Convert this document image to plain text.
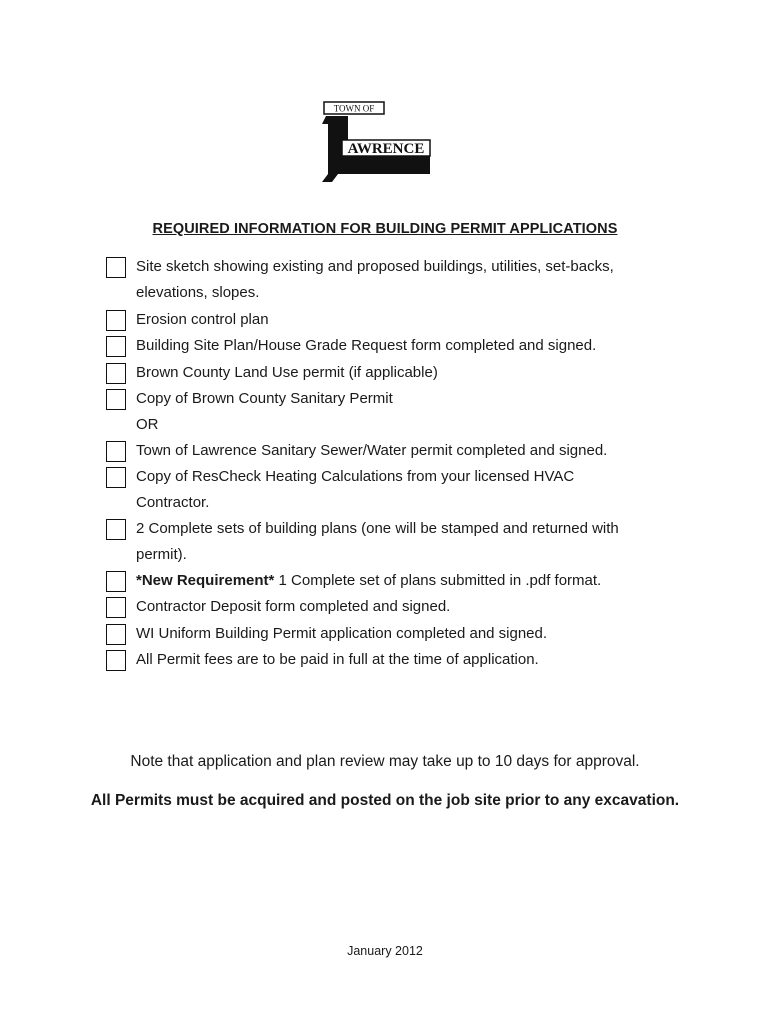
TOWN OF
AWRENCE
est. 1847
REQUIRED INFORMATION FOR BUILDING PERMIT APPLICATIONS
Site sketch showing existing and proposed buildings, utilities, set-backs,
elevations, slopes.
Erosion control plan
Building Site Plan/House Grade Request form completed and signed.
Brown County Land Use permit (if applicable)
Copy of Brown County Sanitary Permit
OR
Town of Lawrence Sanitary Sewer/Water permit completed and signed.
Copy of ResCheck Heating Calculations from your licensed HVAC
Contractor.
2 Complete sets of building plans (one will be stamped and returned with
permit).
*New Requirement* 1 Complete set of plans submitted in .pdf format.
Contractor Deposit form completed and signed.
WI Uniform Building Permit application completed and signed.
All Permit fees are to be paid in full at the time of application.
Note that application and plan review may take up to 10 days for approval.
All Permits must be acquired and posted on the job site prior to any excavation.
January 2012
